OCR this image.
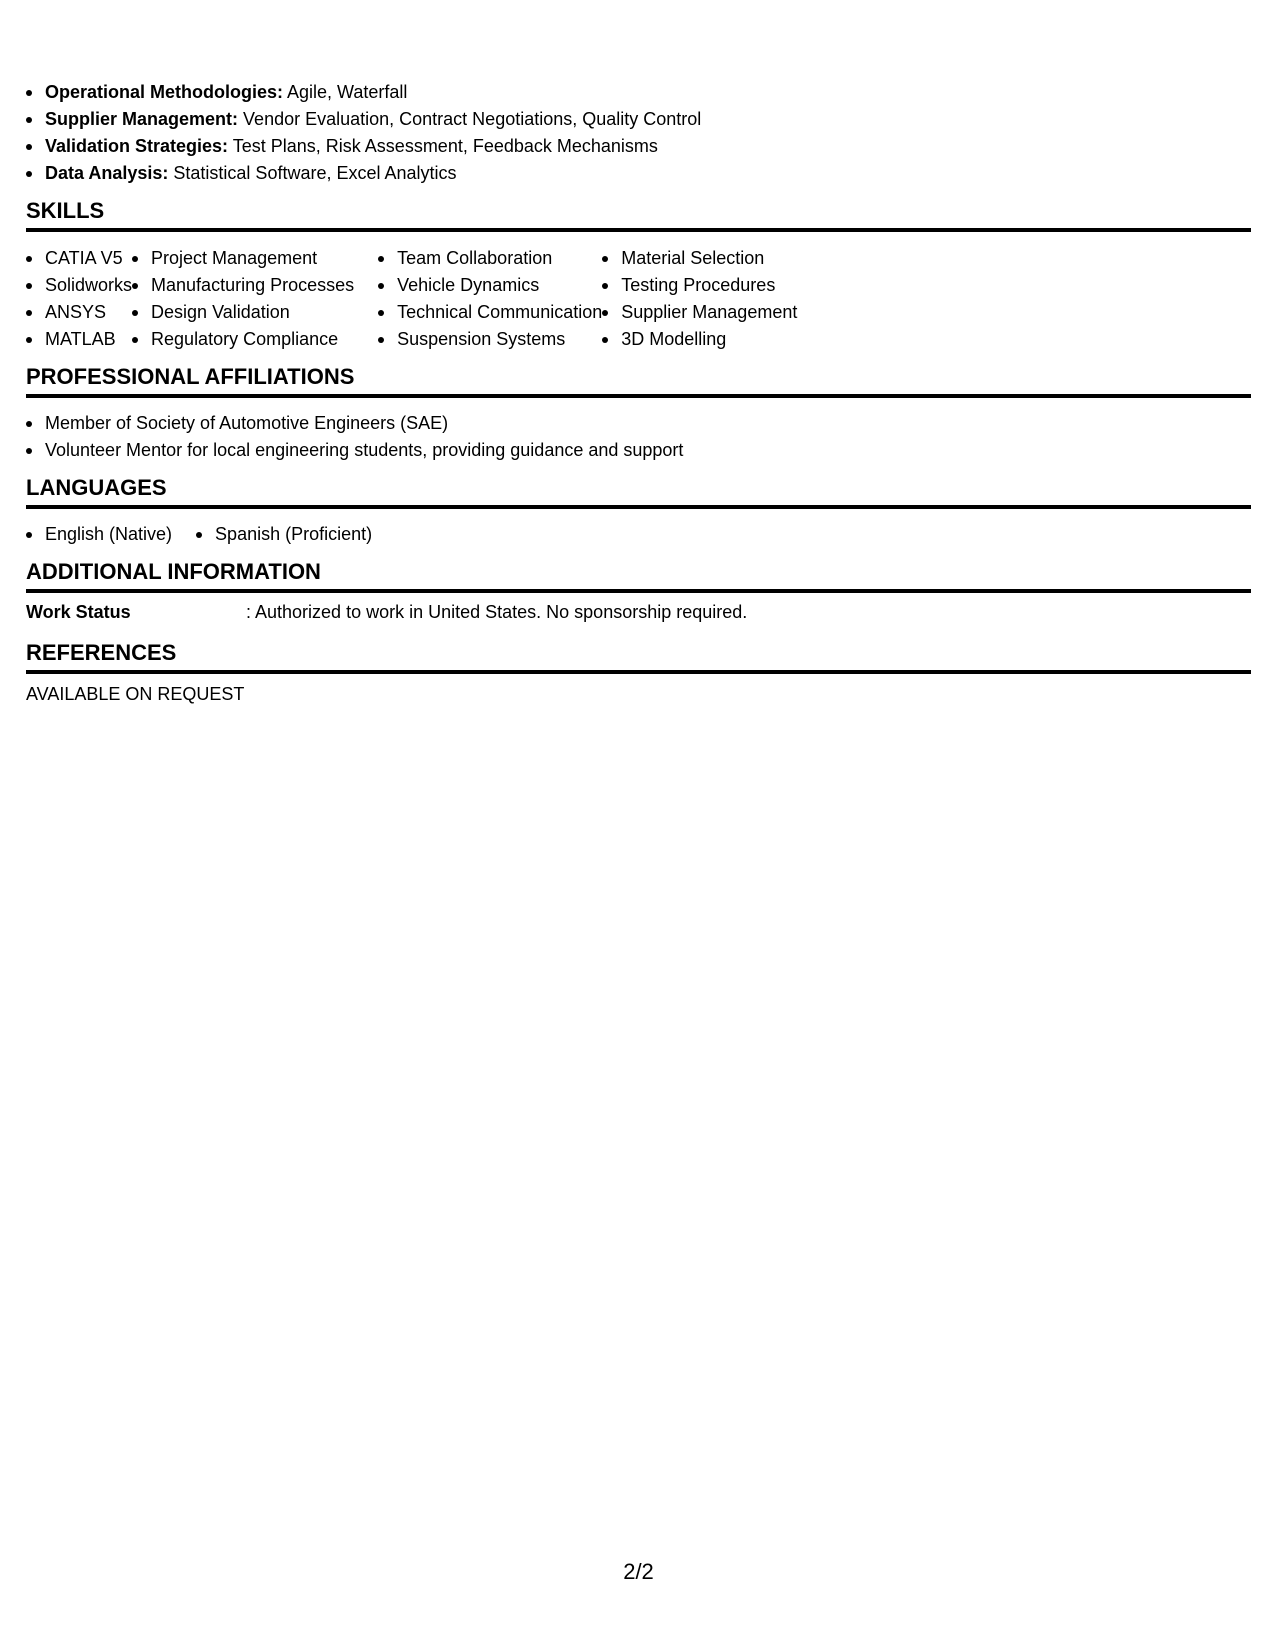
Operational Methodologies: Agile, Waterfall
Supplier Management: Vendor Evaluation, Contract Negotiations, Quality Control
Validation Strategies: Test Plans, Risk Assessment, Feedback Mechanisms
Data Analysis: Statistical Software, Excel Analytics
SKILLS
CATIA V5
Solidworks
ANSYS
MATLAB
Project Management
Manufacturing Processes
Design Validation
Regulatory Compliance
Team Collaboration
Vehicle Dynamics
Technical Communication
Suspension Systems
Material Selection
Testing Procedures
Supplier Management
3D Modelling
PROFESSIONAL AFFILIATIONS
Member of Society of Automotive Engineers (SAE)
Volunteer Mentor for local engineering students, providing guidance and support
LANGUAGES
English (Native)	Spanish (Proficient)
ADDITIONAL INFORMATION
Work Status	: Authorized to work in United States. No sponsorship required.
REFERENCES
AVAILABLE ON REQUEST
2/2
